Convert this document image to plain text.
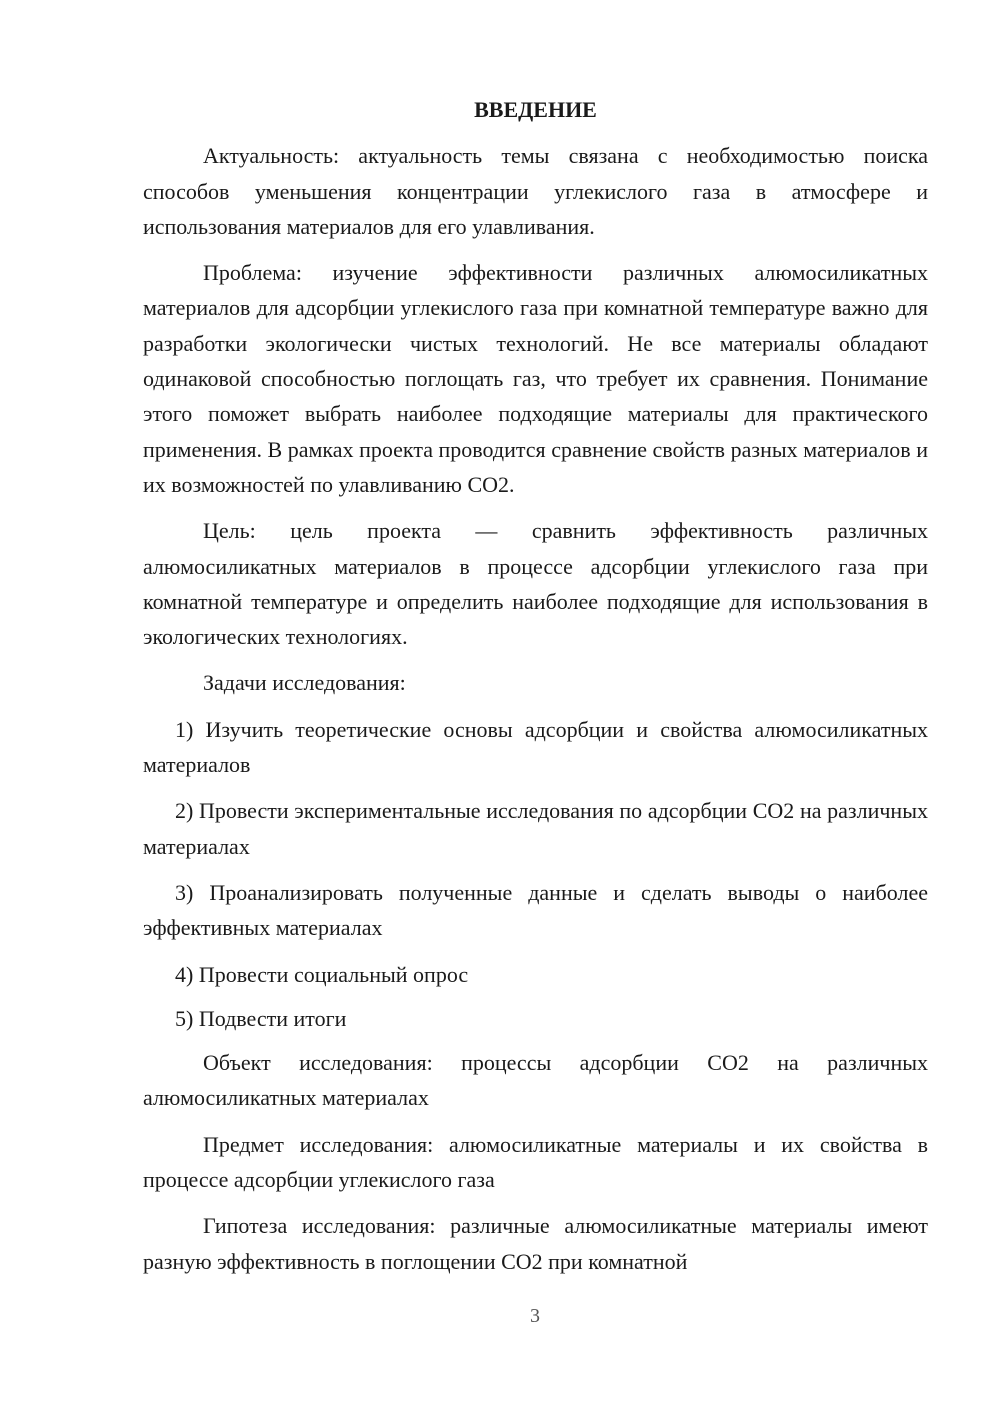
ВВЕДЕНИЕ

Актуальность: актуальность темы связана с необходимостью поиска способов уменьшения концентрации углекислого газа в атмосфере и использования материалов для его улавливания.

Проблема: изучение эффективности различных алюмосиликатных материалов для адсорбции углекислого газа при комнатной температуре важно для разработки экологически чистых технологий. Не все материалы обладают одинаковой способностью поглощать газ, что требует их сравнения. Понимание этого поможет выбрать наиболее подходящие материалы для практического применения. В рамках проекта проводится сравнение свойств разных материалов и их возможностей по улавливанию CO2.

Цель: цель проекта — сравнить эффективность различных алюмосиликатных материалов в процессе адсорбции углекислого газа при комнатной температуре и определить наиболее подходящие для использования в экологических технологиях.

Задачи исследования:

1) Изучить теоретические основы адсорбции и свойства алюмосиликатных материалов

2) Провести экспериментальные исследования по адсорбции CO2 на различных материалах

3) Проанализировать полученные данные и сделать выводы о наиболее эффективных материалах

4) Провести социальный опрос

5) Подвести итоги

Объект исследования: процессы адсорбции CO2 на различных алюмосиликатных материалах

Предмет исследования: алюмосиликатные материалы и их свойства в процессе адсорбции углекислого газа

Гипотеза исследования: различные алюмосиликатные материалы имеют разную эффективность в поглощении CO2 при комнатной

3
